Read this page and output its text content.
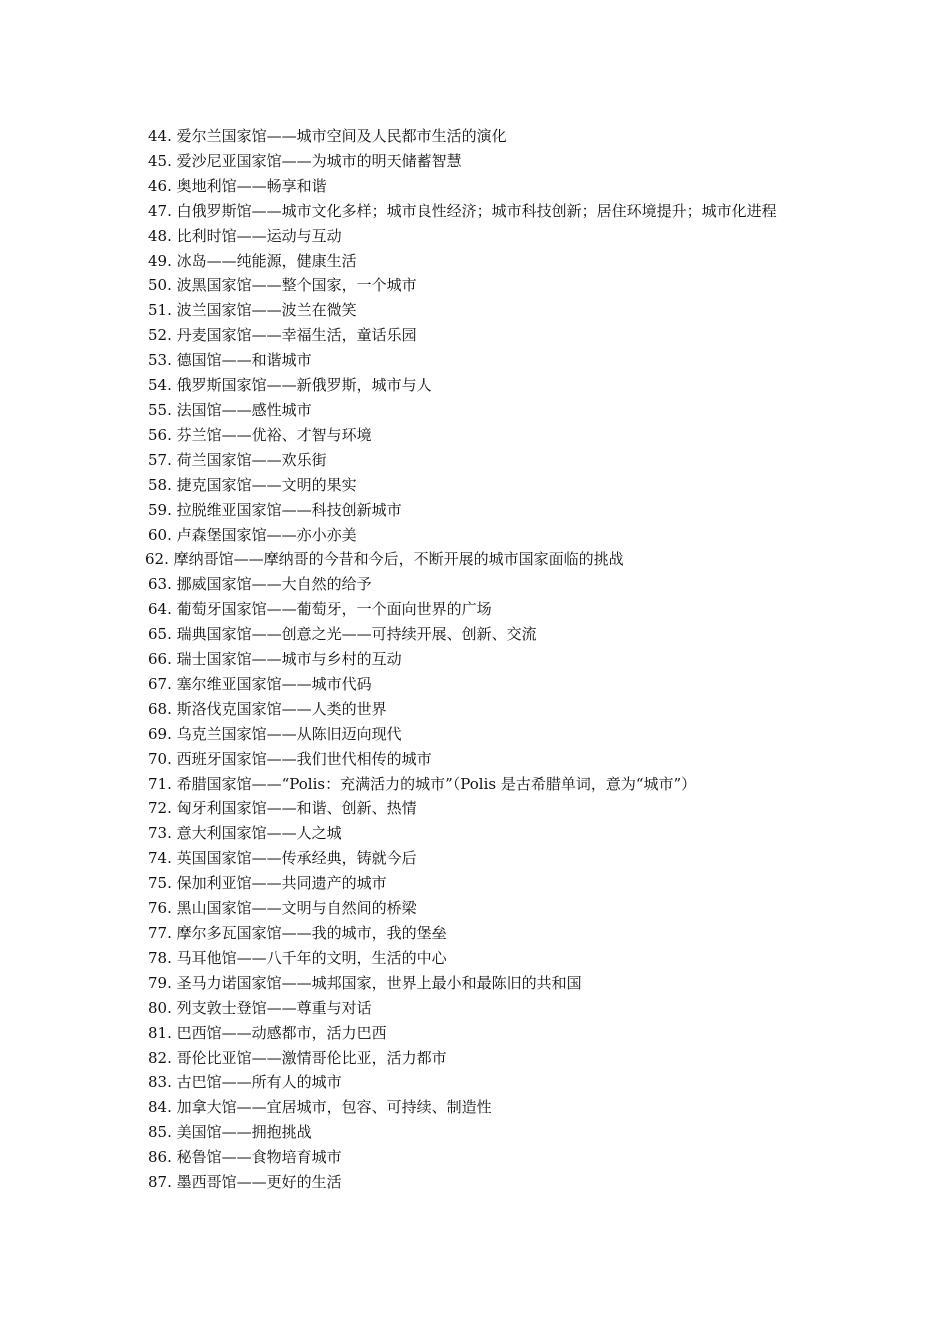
44. 爱尔兰国家馆——城市空间及人民都市生活的演化
45. 爱沙尼亚国家馆——为城市的明天储蓄智慧
46. 奥地利馆——畅享和谐
47. 白俄罗斯馆——城市文化多样；城市良性经济；城市科技创新；居住环境提升；城市化进程
48. 比利时馆——运动与互动
49. 冰岛——纯能源，健康生活
50. 波黑国家馆——整个国家，一个城市
51. 波兰国家馆——波兰在微笑
52. 丹麦国家馆——幸福生活，童话乐园
53. 德国馆——和谐城市
54. 俄罗斯国家馆——新俄罗斯，城市与人
55. 法国馆——感性城市
56. 芬兰馆——优裕、才智与环境
57. 荷兰国家馆——欢乐街
58. 捷克国家馆——文明的果实
59. 拉脱维亚国家馆——科技创新城市
60. 卢森堡国家馆——亦小亦美
62. 摩纳哥馆——摩纳哥的今昔和今后，不断开展的城市国家面临的挑战
63. 挪威国家馆——大自然的给予
64. 葡萄牙国家馆——葡萄牙，一个面向世界的广场
65. 瑞典国家馆——创意之光——可持续开展、创新、交流
66. 瑞士国家馆——城市与乡村的互动
67. 塞尔维亚国家馆——城市代码
68. 斯洛伐克国家馆——人类的世界
69. 乌克兰国家馆——从陈旧迈向现代
70. 西班牙国家馆——我们世代相传的城市
71. 希腊国家馆——“Polis：充满活力的城市”（Polis 是古希腊单词，意为“城市”）
72. 匈牙利国家馆——和谐、创新、热情
73. 意大利国家馆——人之城
74. 英国国家馆——传承经典，铸就今后
75. 保加利亚馆——共同遗产的城市
76. 黑山国家馆——文明与自然间的桥梁
77. 摩尔多瓦国家馆——我的城市，我的堡垒
78. 马耳他馆——八千年的文明，生活的中心
79. 圣马力诺国家馆——城邦国家，世界上最小和最陈旧的共和国
80. 列支敦士登馆——尊重与对话
81. 巴西馆——动感都市，活力巴西
82. 哥伦比亚馆——激情哥伦比亚，活力都市
83. 古巴馆——所有人的城市
84. 加拿大馆——宜居城市，包容、可持续、制造性
85. 美国馆——拥抱挑战
86. 秘鲁馆——食物培育城市
87. 墨西哥馆——更好的生活
